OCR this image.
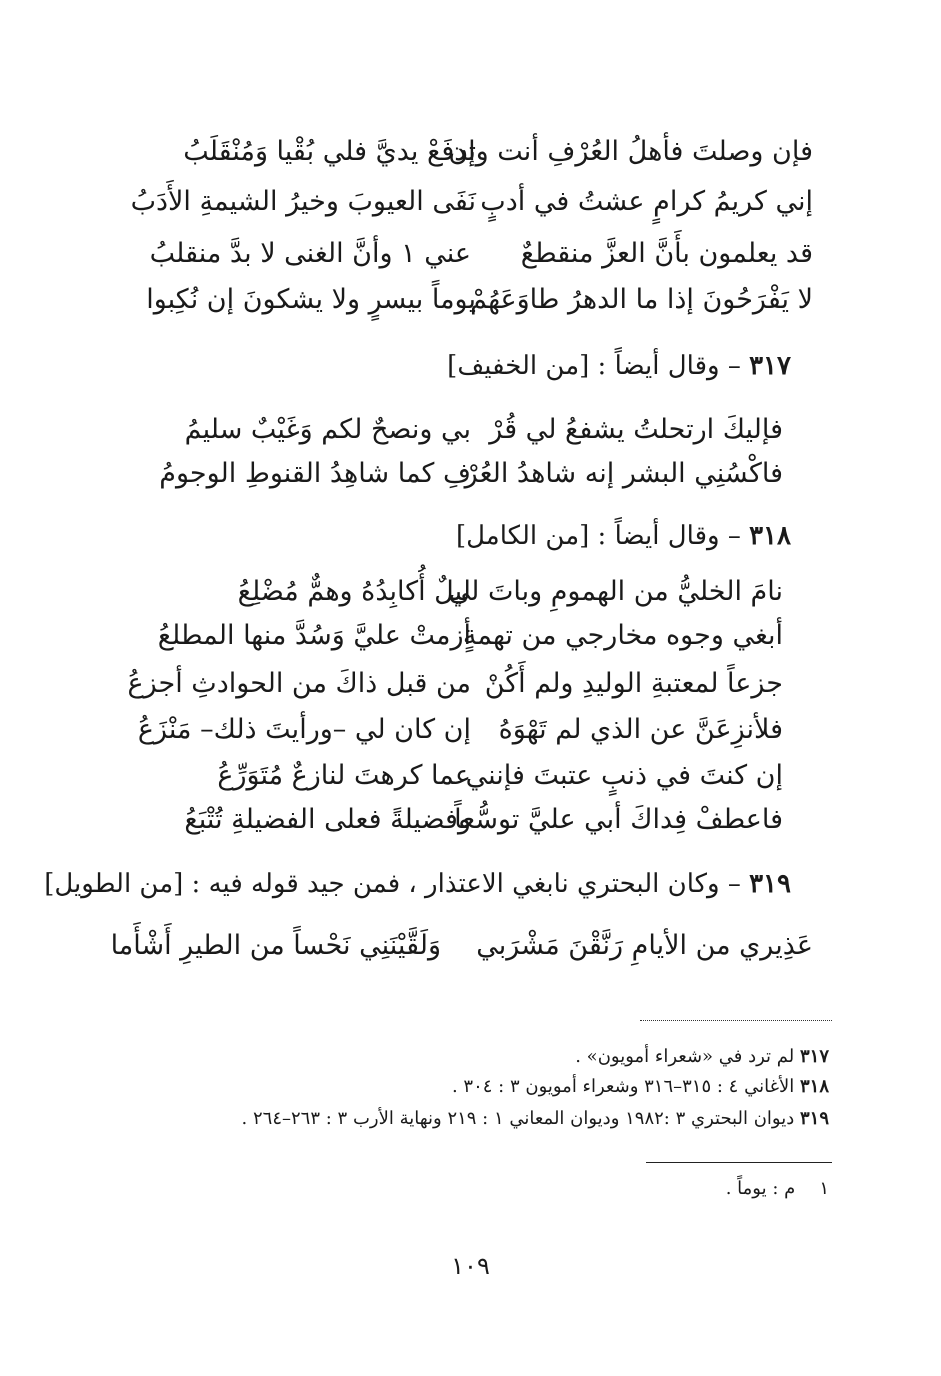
فإن وصلتَ فأهلُ العُرْفِ أنت وإن
تدفَعْ يديَّ فلي بُقْيا وَمُنْقَلَبُ
إني كريمُ كرامٍ عشتُ في أدبٍ
نَفَى العيوبَ وخيرُ الشيمةِ الأَدَبُ
قد يعلمون بأَنَّ العزَّ منقطعٌ
عني ١ وأنَّ الغنى لا بدَّ منقلبُ
لا يَفْرَحُونَ إذا ما الدهرُ طاوَعَهُمْ
يوماً بيسرٍ ولا يشكونَ إن نُكِبوا
٣١٧ – وقال أيضاً : [من الخفيف]
فإليكَ ارتحلتُ يشفعُ لي قُرْ
بي ونصحٌ لكم وَغَيْبٌ سليمُ
فاكْسُنِي البشر إنه شاهدُ العُرْ
فِ كما شاهِدُ القنوطِ الوجومُ
٣١٨ – وقال أيضاً : [من الكامل]
نامَ الخليُّ من الهمومِ وباتَ لي
ليلٌ أُكابِدُهُ وهمٌّ مُضْلِعُ
أبغي وجوه مخارجي من تهمةٍ
أزمتْ عليَّ وَسُدَّ منها المطلعُ
جزعاً لمعتبةِ الوليدِ ولم أَكُنْ
من قبل ذاكَ من الحوادثِ أجزعُ
فلأنزِعَنَّ عن الذي لم تَهْوَهُ
إن كان لي –ورأيتَ ذلك– مَنْزَعُ
إن كنتَ في ذنبٍ عتبتَ فإنني
عما كرهتَ لنازعٌ مُتَوَرِّعُ
فاعطفْ فِداكَ أبي عليَّ توسُّعاً
وفضيلةً فعلى الفضيلةِ تُتْبَعُ
٣١٩ – وكان البحتري نابغي الاعتذار ، فمن جيد قوله فيه : [من الطويل]
عَذِيري من الأيامِ رَنَّقْنَ مَشْرَبي
وَلَقَّيْنَنِي نَحْساً من الطيرِ أَشْأَما
٣١٧ لم ترد في «شعراء أمويون» .
٣١٨ الأغاني ٤ : ٣١٥–٣١٦ وشعراء أمويون ٣ : ٣٠٤ .
٣١٩ ديوان البحتري ٣ :١٩٨٢ وديوان المعاني ١ : ٢١٩ ونهاية الأرب ٣ : ٢٦٣–٢٦٤ .
١ م : يوماً .
١٠٩
